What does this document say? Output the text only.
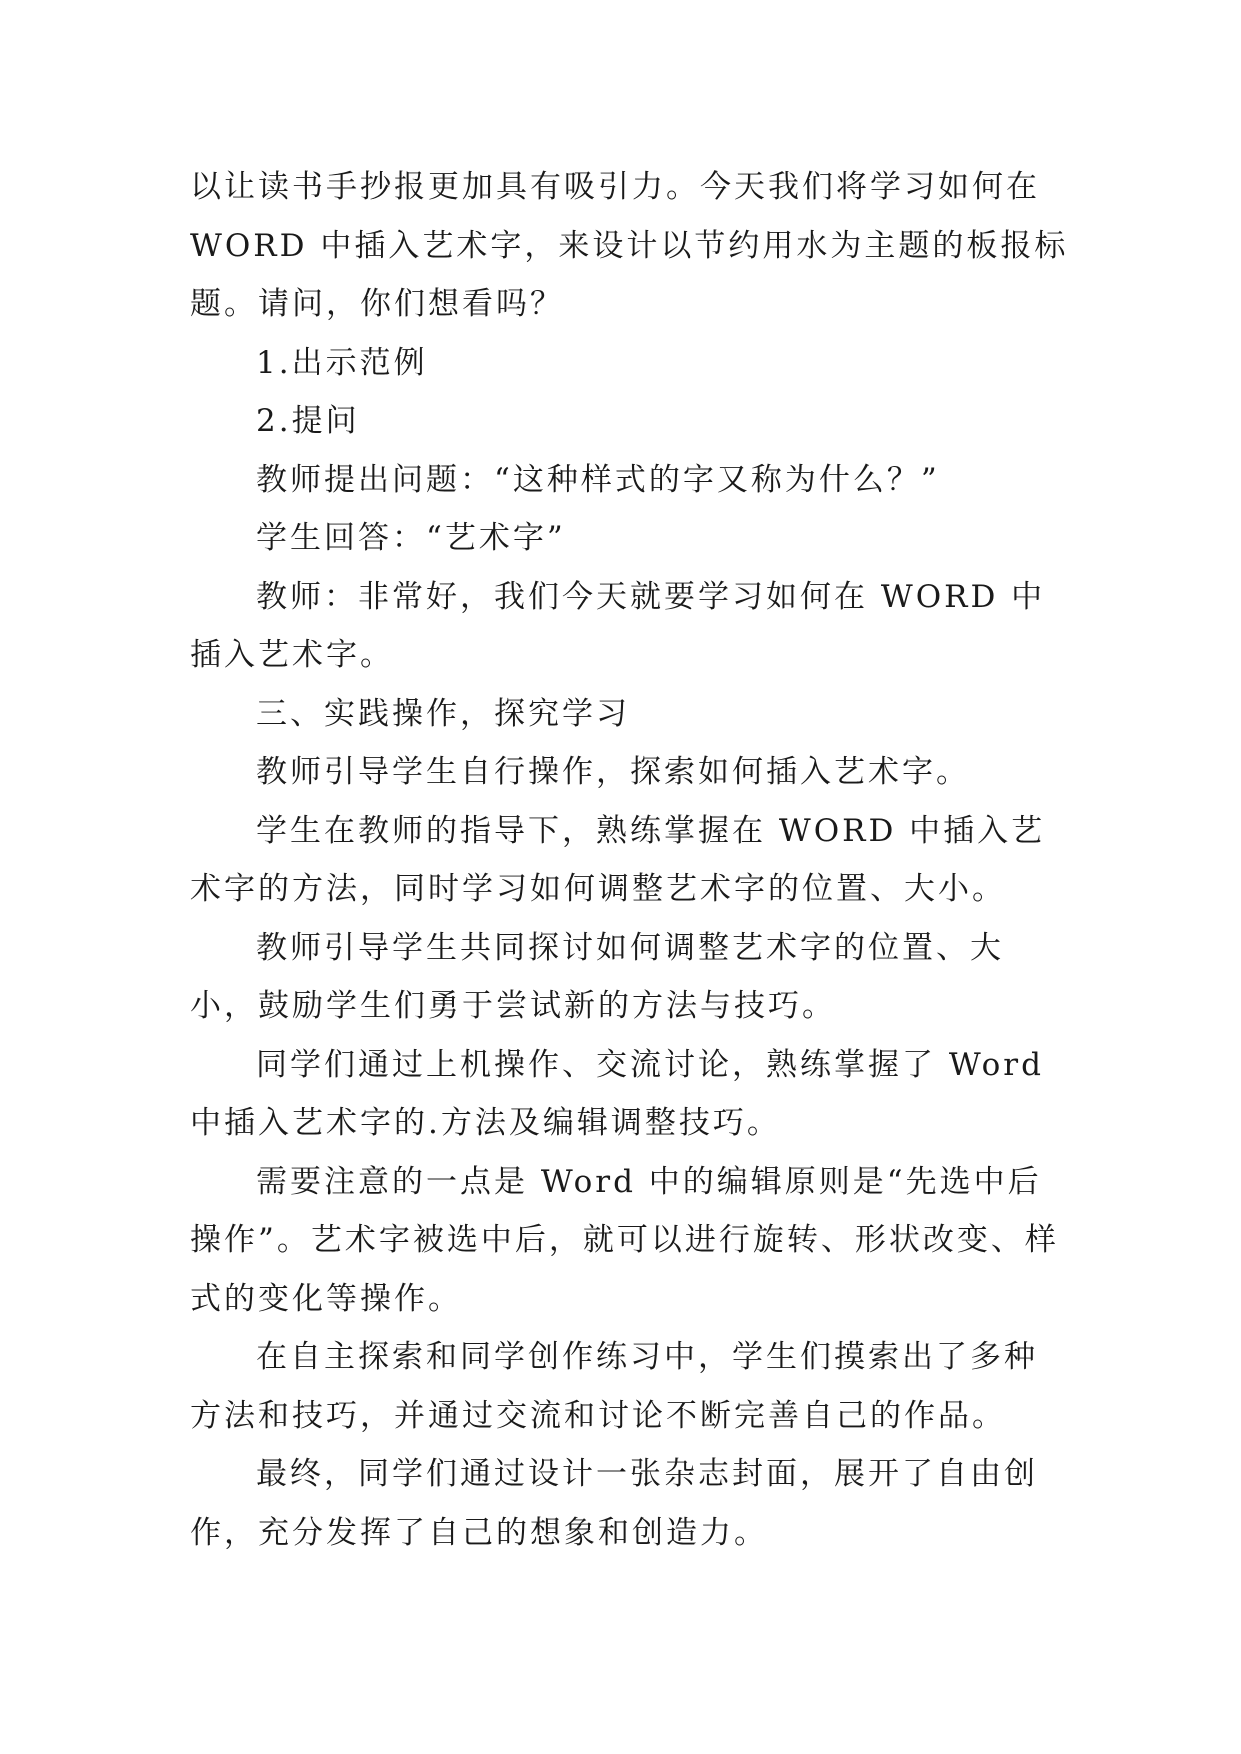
以让读书手抄报更加具有吸引力。今天我们将学习如何在 WORD 中插入艺术字，来设计以节约用水为主题的板报标题。请问，你们想看吗？

1.出示范例

2.提问

教师提出问题：“这种样式的字又称为什么？”

学生回答：“艺术字”

教师：非常好，我们今天就要学习如何在 WORD 中插入艺术字。

三、实践操作，探究学习

教师引导学生自行操作，探索如何插入艺术字。

学生在教师的指导下，熟练掌握在 WORD 中插入艺术字的方法，同时学习如何调整艺术字的位置、大小。

教师引导学生共同探讨如何调整艺术字的位置、大小，鼓励学生们勇于尝试新的方法与技巧。

同学们通过上机操作、交流讨论，熟练掌握了 Word 中插入艺术字的.方法及编辑调整技巧。

需要注意的一点是 Word 中的编辑原则是“先选中后操作”。艺术字被选中后，就可以进行旋转、形状改变、样式的变化等操作。

在自主探索和同学创作练习中，学生们摸索出了多种方法和技巧，并通过交流和讨论不断完善自己的作品。

最终，同学们通过设计一张杂志封面，展开了自由创作，充分发挥了自己的想象和创造力。
